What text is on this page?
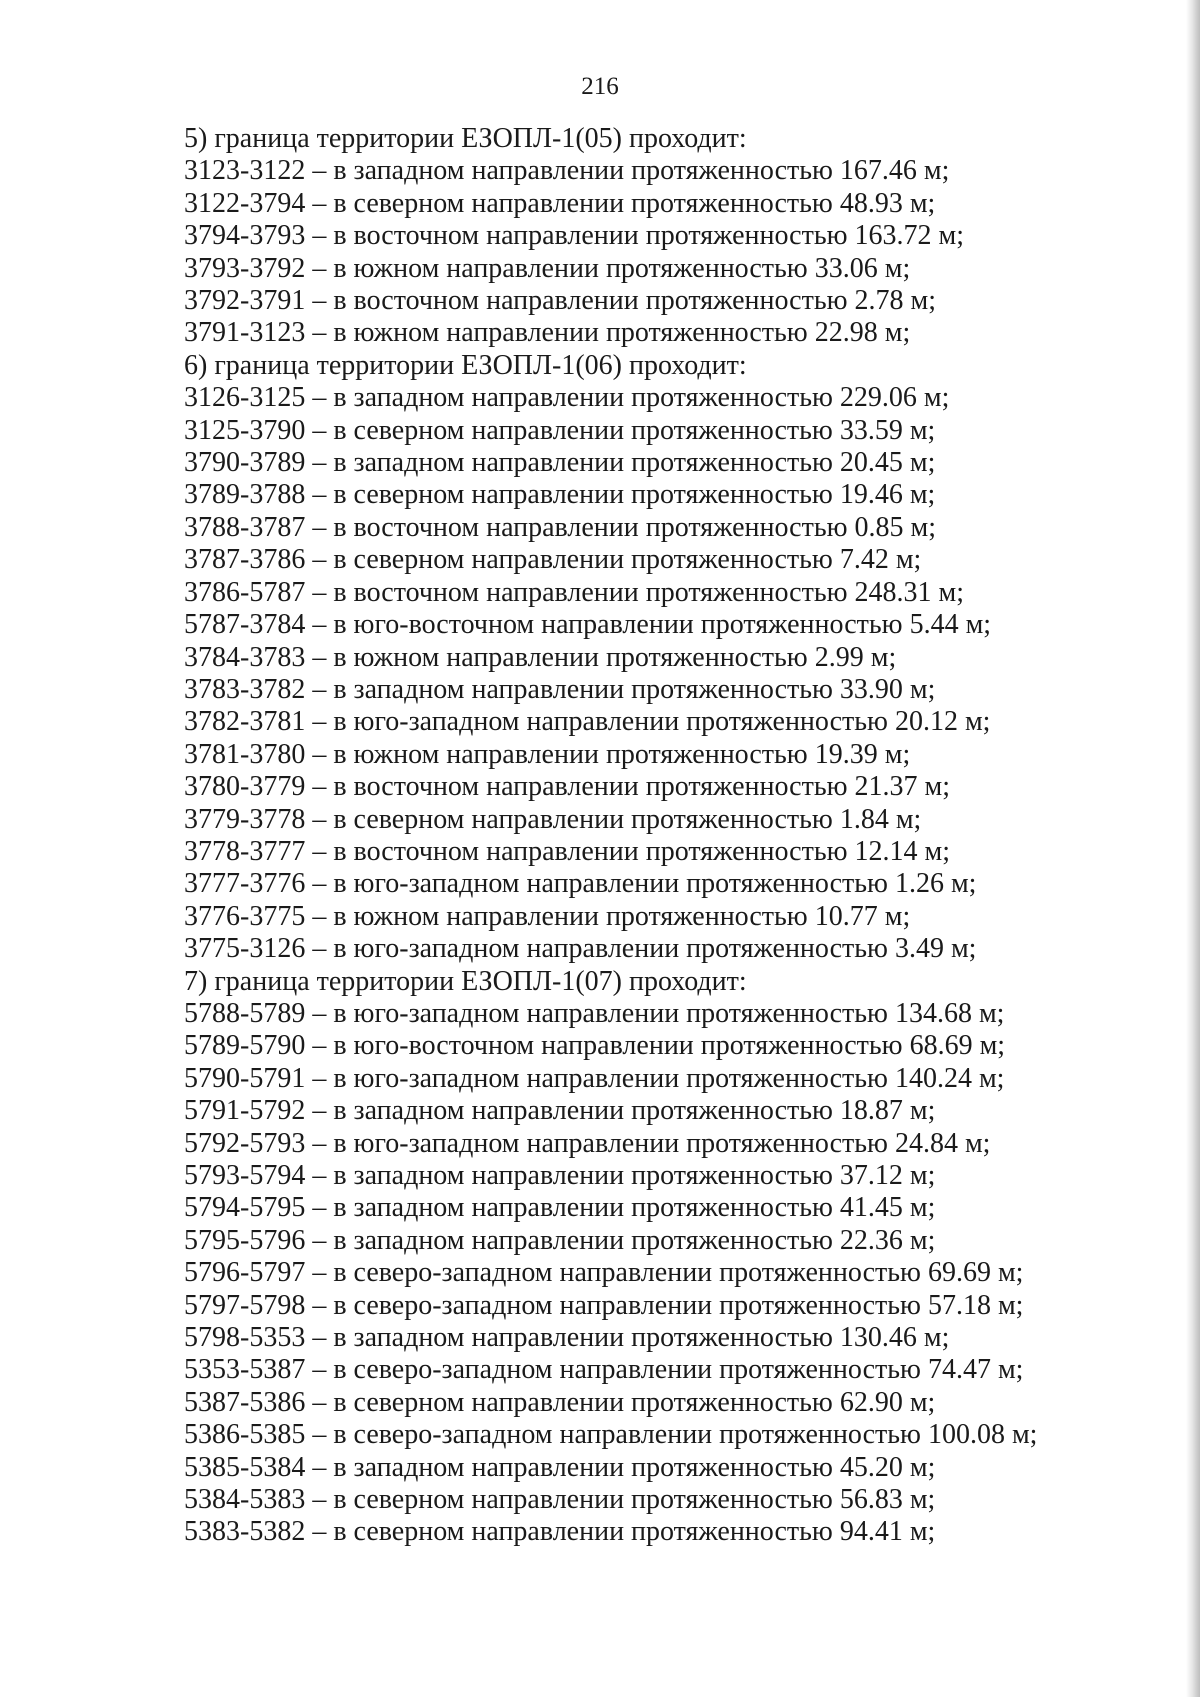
216
5) граница территории ЕЗОПЛ-1(05) проходит:
3123-3122 – в западном направлении протяженностью 167.46 м;
3122-3794 – в северном направлении протяженностью 48.93 м;
3794-3793 – в восточном направлении протяженностью 163.72 м;
3793-3792 – в южном направлении протяженностью 33.06 м;
3792-3791 – в восточном направлении протяженностью 2.78 м;
3791-3123 – в южном направлении протяженностью 22.98 м;
6) граница территории ЕЗОПЛ-1(06) проходит:
3126-3125 – в западном направлении протяженностью 229.06 м;
3125-3790 – в северном направлении протяженностью 33.59 м;
3790-3789 – в западном направлении протяженностью 20.45 м;
3789-3788 – в северном направлении протяженностью 19.46 м;
3788-3787 – в восточном направлении протяженностью 0.85 м;
3787-3786 – в северном направлении протяженностью 7.42 м;
3786-5787 – в восточном направлении протяженностью 248.31 м;
5787-3784 – в юго-восточном направлении протяженностью 5.44 м;
3784-3783 – в южном направлении протяженностью 2.99 м;
3783-3782 – в западном направлении протяженностью 33.90 м;
3782-3781 – в юго-западном направлении протяженностью 20.12 м;
3781-3780 – в южном направлении протяженностью 19.39 м;
3780-3779 – в восточном направлении протяженностью 21.37 м;
3779-3778 – в северном направлении протяженностью 1.84 м;
3778-3777 – в восточном направлении протяженностью 12.14 м;
3777-3776 – в юго-западном направлении протяженностью 1.26 м;
3776-3775 – в южном направлении протяженностью 10.77 м;
3775-3126 – в юго-западном направлении протяженностью 3.49 м;
7) граница территории ЕЗОПЛ-1(07) проходит:
5788-5789 – в юго-западном направлении протяженностью 134.68 м;
5789-5790 – в юго-восточном направлении протяженностью 68.69 м;
5790-5791 – в юго-западном направлении протяженностью 140.24 м;
5791-5792 – в западном направлении протяженностью 18.87 м;
5792-5793 – в юго-западном направлении протяженностью 24.84 м;
5793-5794 – в западном направлении протяженностью 37.12 м;
5794-5795 – в западном направлении протяженностью 41.45 м;
5795-5796 – в западном направлении протяженностью 22.36 м;
5796-5797 – в северо-западном направлении протяженностью 69.69 м;
5797-5798 – в северо-западном направлении протяженностью 57.18 м;
5798-5353 – в западном направлении протяженностью 130.46 м;
5353-5387 – в северо-западном направлении протяженностью 74.47 м;
5387-5386 – в северном направлении протяженностью 62.90 м;
5386-5385 – в северо-западном направлении протяженностью 100.08 м;
5385-5384 – в западном направлении протяженностью 45.20 м;
5384-5383 – в северном направлении протяженностью 56.83 м;
5383-5382 – в северном направлении протяженностью 94.41 м;
